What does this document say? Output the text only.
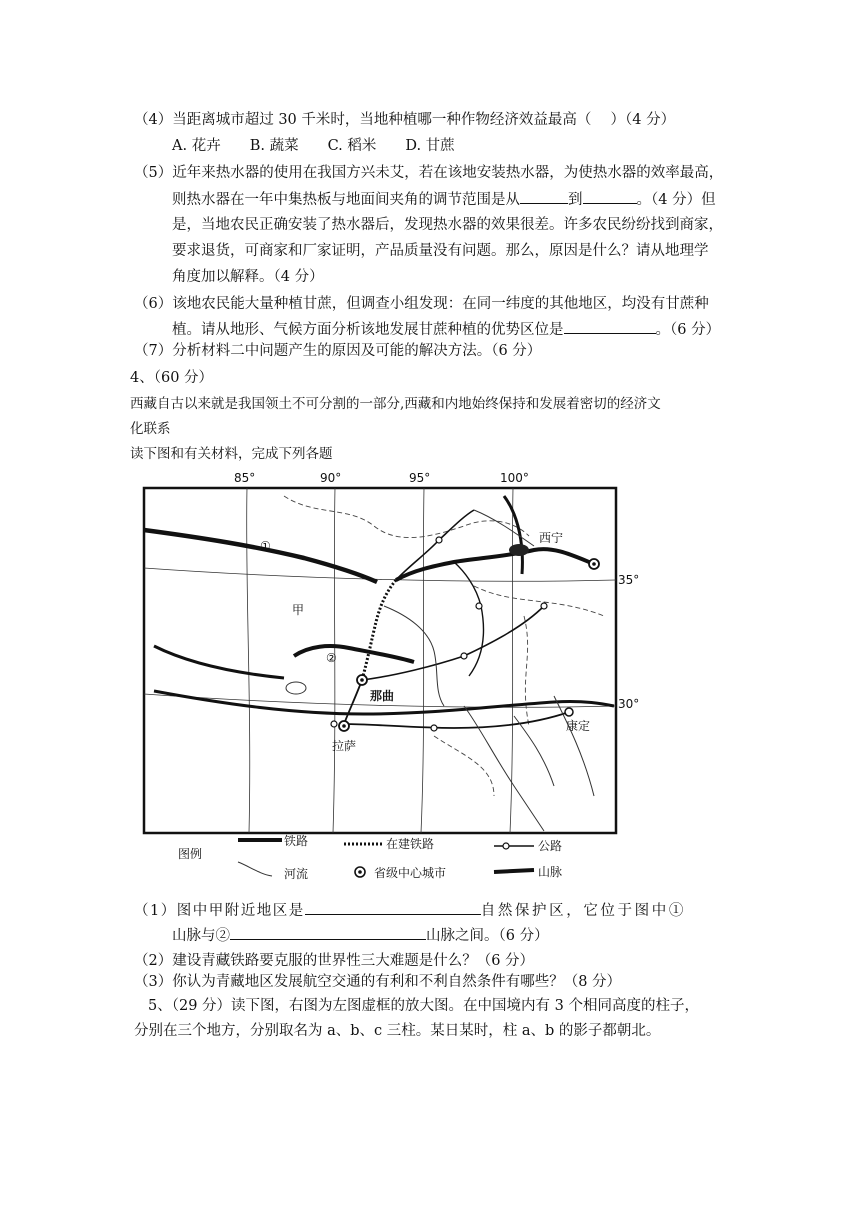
（4）当距离城市超过 30 千米时，当地种植哪一种作物经济效益最高（　 ）（4 分）
A. 花卉　　B. 蔬菜　　C. 稻米　　D. 甘蔗
（5）近年来热水器的使用在我国方兴未艾，若在该地安装热水器，为使热水器的效率最高，
则热水器在一年中集热板与地面间夹角的调节范围是从	到	。（4 分）但
是，当地农民正确安装了热水器后，发现热水器的效果很差。许多农民纷纷找到商家，
要求退货，可商家和厂家证明，产品质量没有问题。那么，原因是什么？请从地理学
角度加以解释。（4 分）
（6）该地农民能大量种植甘蔗，但调查小组发现：在同一纬度的其他地区，均没有甘蔗种
植。请从地形、气候方面分析该地发展甘蔗种植的优势区位是	。（6 分）
（7）分析材料二中问题产生的原因及可能的解决方法。（6 分）
4、（60 分）
西藏自古以来就是我国领土不可分割的一部分,西藏和内地始终保持和发展着密切的经济文
化联系
读下图和有关材料，完成下列各题
85°	90°	95°	100°
35°
30°
①
②
甲
西宁
那曲
拉萨
康定
图例
铁路	在建铁路	公路
河流	省级中心城市	山脉
（1）图中甲附近地区是	自然保护区，它位于图中①
山脉与②	山脉之间。（6 分）
（2）建设青藏铁路要克服的世界性三大难题是什么？（6 分）
（3）你认为青藏地区发展航空交通的有利和不利自然条件有哪些？（8 分）
5、（29 分）读下图，右图为左图虚框的放大图。在中国境内有 3 个相同高度的柱子，
分别在三个地方，分别取名为 a、b、c 三柱。某日某时，柱 a、b 的影子都朝北。
